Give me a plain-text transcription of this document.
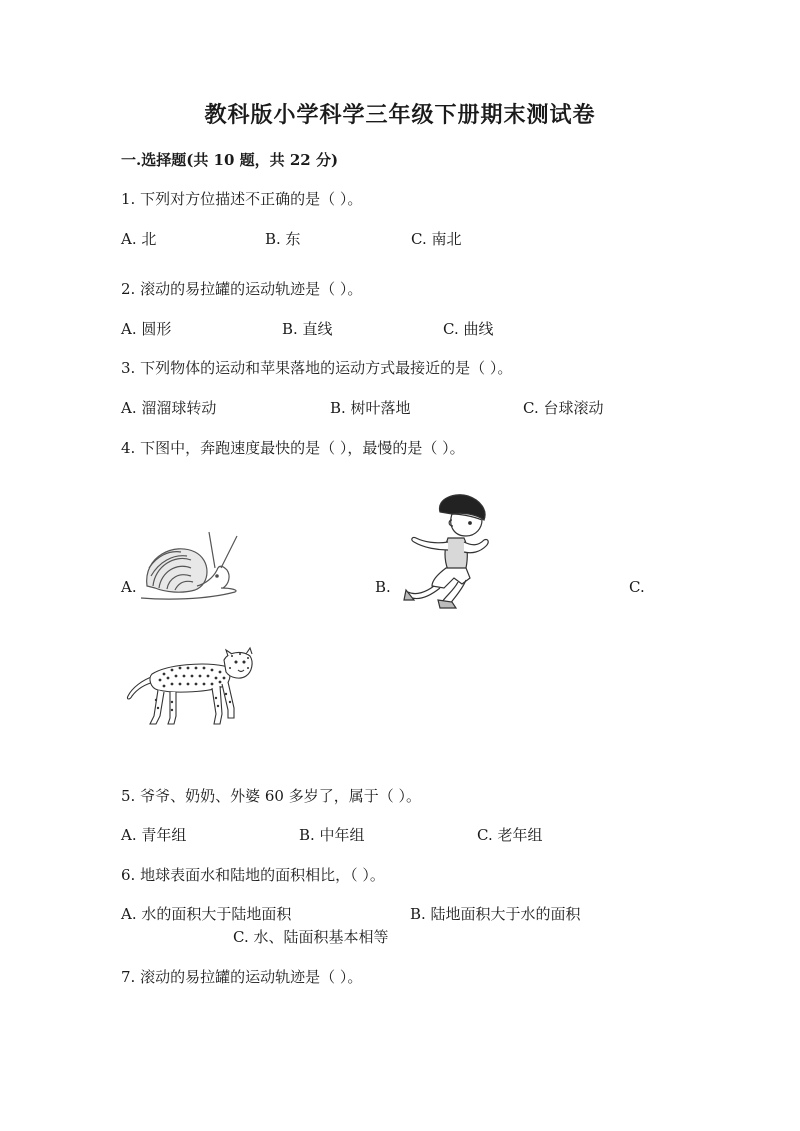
教科版小学科学三年级下册期末测试卷
一.选择题(共 10 题，共 22 分)
1. 下列对方位描述不正确的是（ ）。
A. 北	B. 东	C. 南北
2. 滚动的易拉罐的运动轨迹是（ ）。
A. 圆形	B. 直线	C. 曲线
3. 下列物体的运动和苹果落地的运动方式最接近的是（ ）。
A. 溜溜球转动	B. 树叶落地	C. 台球滚动
4. 下图中，奔跑速度最快的是（ ），最慢的是（ ）。
A.	B.	C.
5. 爷爷、奶奶、外婆 60 多岁了，属于（ ）。
A. 青年组	B. 中年组	C. 老年组
6. 地球表面水和陆地的面积相比，（ ）。
A. 水的面积大于陆地面积	B. 陆地面积大于水的面积
C. 水、陆面积基本相等
7. 滚动的易拉罐的运动轨迹是（ ）。
